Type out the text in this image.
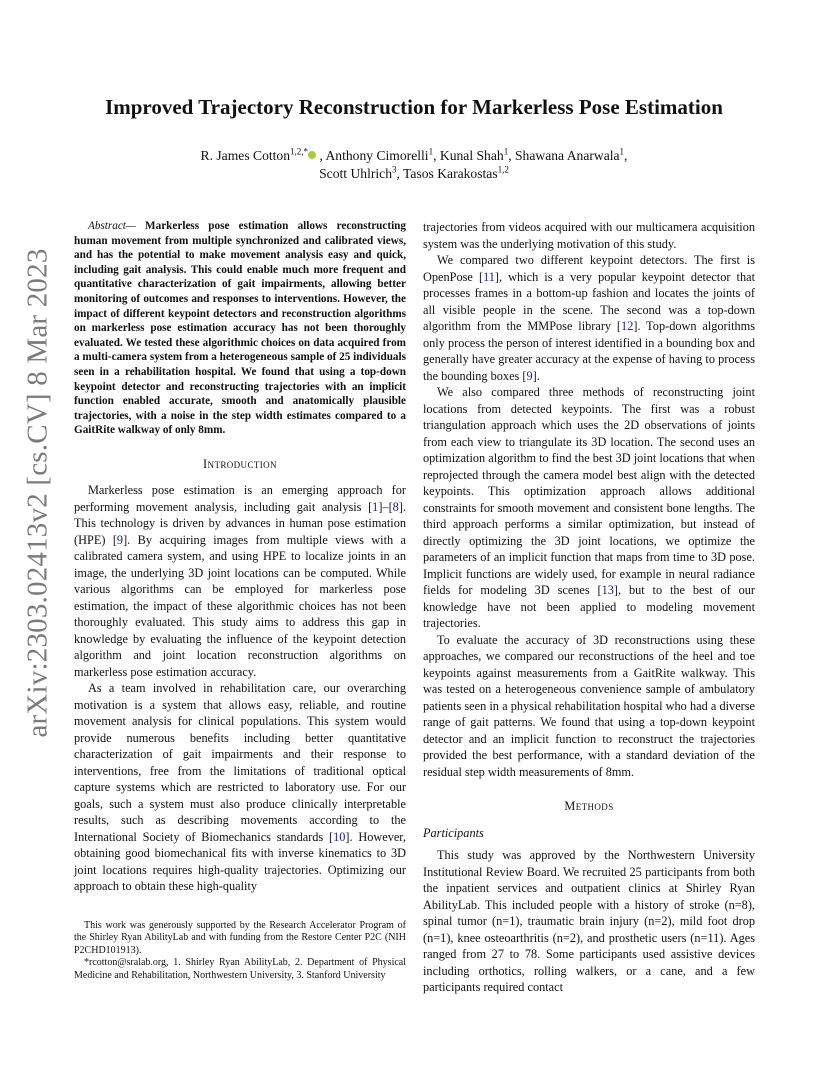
arXiv:2303.02413v2 [cs.CV] 8 Mar 2023
Improved Trajectory Reconstruction for Markerless Pose Estimation
R. James Cotton$^{1,2,*}$ , Anthony Cimorelli$^1$, Kunal Shah$^1$, Shawana Anarwala$^1$,
Scott Uhlrich$^3$, Tasos Karakostas$^{1,2}$

Abstract— Markerless pose estimation allows reconstructing human movement from multiple synchronized and calibrated views, and has the potential to make movement analysis easy and quick, including gait analysis. This could enable much more frequent and quantitative characterization of gait impairments, allowing better monitoring of outcomes and responses to interventions. However, the impact of different keypoint detectors and reconstruction algorithms on markerless pose estimation accuracy has not been thoroughly evaluated. We tested these algorithmic choices on data acquired from a multi-camera system from a heterogeneous sample of 25 individuals seen in a rehabilitation hospital. We found that using a top-down keypoint detector and reconstructing trajectories with an implicit function enabled accurate, smooth and anatomically plausible trajectories, with a noise in the step width estimates compared to a GaitRite walkway of only 8mm.

Introduction

Markerless pose estimation is an emerging approach for performing movement analysis, including gait analysis [1]–[8]. This technology is driven by advances in human pose estimation (HPE) [9]. By acquiring images from multiple views with a calibrated camera system, and using HPE to localize joints in an image, the underlying 3D joint locations can be computed. While various algorithms can be employed for markerless pose estimation, the impact of these algorithmic choices has not been thoroughly evaluated. This study aims to address this gap in knowledge by evaluating the influence of the keypoint detection algorithm and joint location reconstruction algorithms on markerless pose estimation accuracy.

As a team involved in rehabilitation care, our overarching motivation is a system that allows easy, reliable, and routine movement analysis for clinical populations. This system would provide numerous benefits including better quantitative characterization of gait impairments and their response to interventions, free from the limitations of traditional optical capture systems which are restricted to laboratory use. For our goals, such a system must also produce clinically interpretable results, such as describing movements according to the International Society of Biomechanics standards [10]. However, obtaining good biomechanical fits with inverse kinematics to 3D joint locations requires high-quality trajectories. Optimizing our approach to obtain these high-quality

This work was generously supported by the Research Accelerator Program of the Shirley Ryan AbilityLab and with funding from the Restore Center P2C (NIH P2CHD101913).

*rcotton@sralab.org, 1. Shirley Ryan AbilityLab, 2. Department of Physical Medicine and Rehabilitation, Northwestern University, 3. Stanford University

trajectories from videos acquired with our multicamera acquisition system was the underlying motivation of this study.

We compared two different keypoint detectors. The first is OpenPose [11], which is a very popular keypoint detector that processes frames in a bottom-up fashion and locates the joints of all visible people in the scene. The second was a top-down algorithm from the MMPose library [12]. Top-down algorithms only process the person of interest identified in a bounding box and generally have greater accuracy at the expense of having to process the bounding boxes [9].

We also compared three methods of reconstructing joint locations from detected keypoints. The first was a robust triangulation approach which uses the 2D observations of joints from each view to triangulate its 3D location. The second uses an optimization algorithm to find the best 3D joint locations that when reprojected through the camera model best align with the detected keypoints. This optimization approach allows additional constraints for smooth movement and consistent bone lengths. The third approach performs a similar optimization, but instead of directly optimizing the 3D joint locations, we optimize the parameters of an implicit function that maps from time to 3D pose. Implicit functions are widely used, for example in neural radiance fields for modeling 3D scenes [13], but to the best of our knowledge have not been applied to modeling movement trajectories.

To evaluate the accuracy of 3D reconstructions using these approaches, we compared our reconstructions of the heel and toe keypoints against measurements from a GaitRite walkway. This was tested on a heterogeneous convenience sample of ambulatory patients seen in a physical rehabilitation hospital who had a diverse range of gait patterns. We found that using a top-down keypoint detector and an implicit function to reconstruct the trajectories provided the best performance, with a standard deviation of the residual step width measurements of 8mm.

Methods
Participants

This study was approved by the Northwestern University Institutional Review Board. We recruited 25 participants from both the inpatient services and outpatient clinics at Shirley Ryan AbilityLab. This included people with a history of stroke (n=8), spinal tumor (n=1), traumatic brain injury (n=2), mild foot drop (n=1), knee osteoarthritis (n=2), and prosthetic users (n=11). Ages ranged from 27 to 78. Some participants used assistive devices including orthotics, rolling walkers, or a cane, and a few participants required contact
